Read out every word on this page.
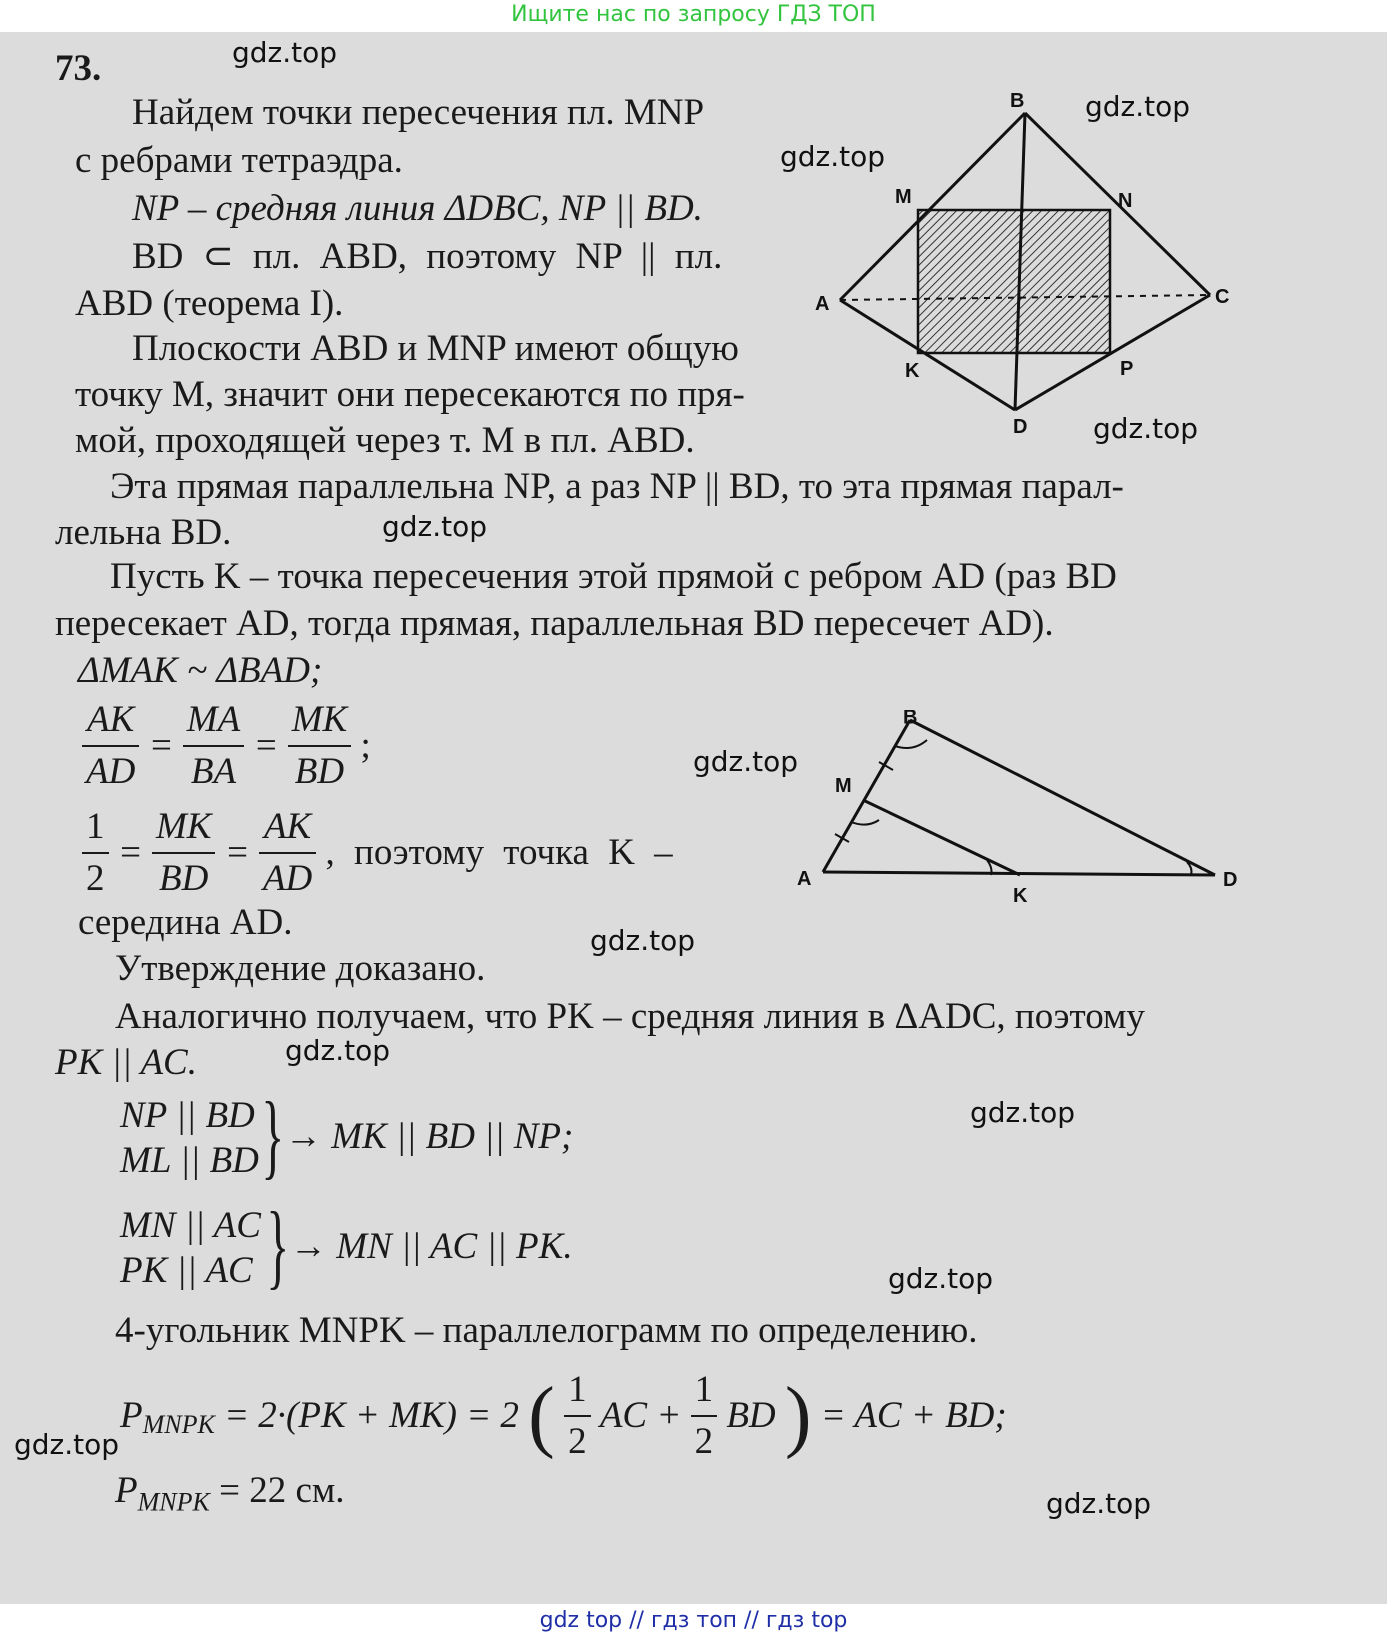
Ищите нас по запросу ГДЗ ТОП
73.
Найдем точки пересечения пл. MNP
с ребрами тетраэдра.
NP – средняя линия ΔDBC, NP || BD.
BD ⊂ пл. ABD, поэтому NP || пл.
ABD (теорема I).
Плоскости ABD и MNP имеют общую
точку M, значит они пересекаются по пря-
мой, проходящей через т. M в пл. ABD.
Эта прямая параллельна NP, а раз NP || BD, то эта прямая парал-
лельна BD.
Пусть K – точка пересечения этой прямой с ребром AD (раз BD
пересекает AD, тогда прямая, параллельная BD пересечет AD).
ΔMAK ~ ΔBAD;
$\frac{AK}{AD} = \frac{MA}{BA} = \frac{MK}{BD}$ ;
$\frac{1}{2} = \frac{MK}{BD} = \frac{AK}{AD}$ , поэтому точка K –
середина AD.
Утверждение доказано.
Аналогично получаем, что PK – средняя линия в ΔADC, поэтому
PK || AC.
NP || BD
ML || BD } → MK || BD || NP;
MN || AC
PK || AC } → MN || AC || PK.
4-угольник MNPK – параллелограмм по определению.
$P_{MNPK} = 2\cdot(PK + MK) = 2$ ( $\frac{1}{2}$ AC + $\frac{1}{2}$ BD ) = AC + BD;
$P_{MNPK} = 22$ см.
B
M	N
A	C
K	P
D
B
M
A
K
D
gdz.top
gdz.top
gdz.top
gdz.top
gdz.top
gdz.top
gdz.top
gdz.top
gdz.top
gdz.top
gdz.top
gdz.top
gdz top // гдз топ // гдз top
